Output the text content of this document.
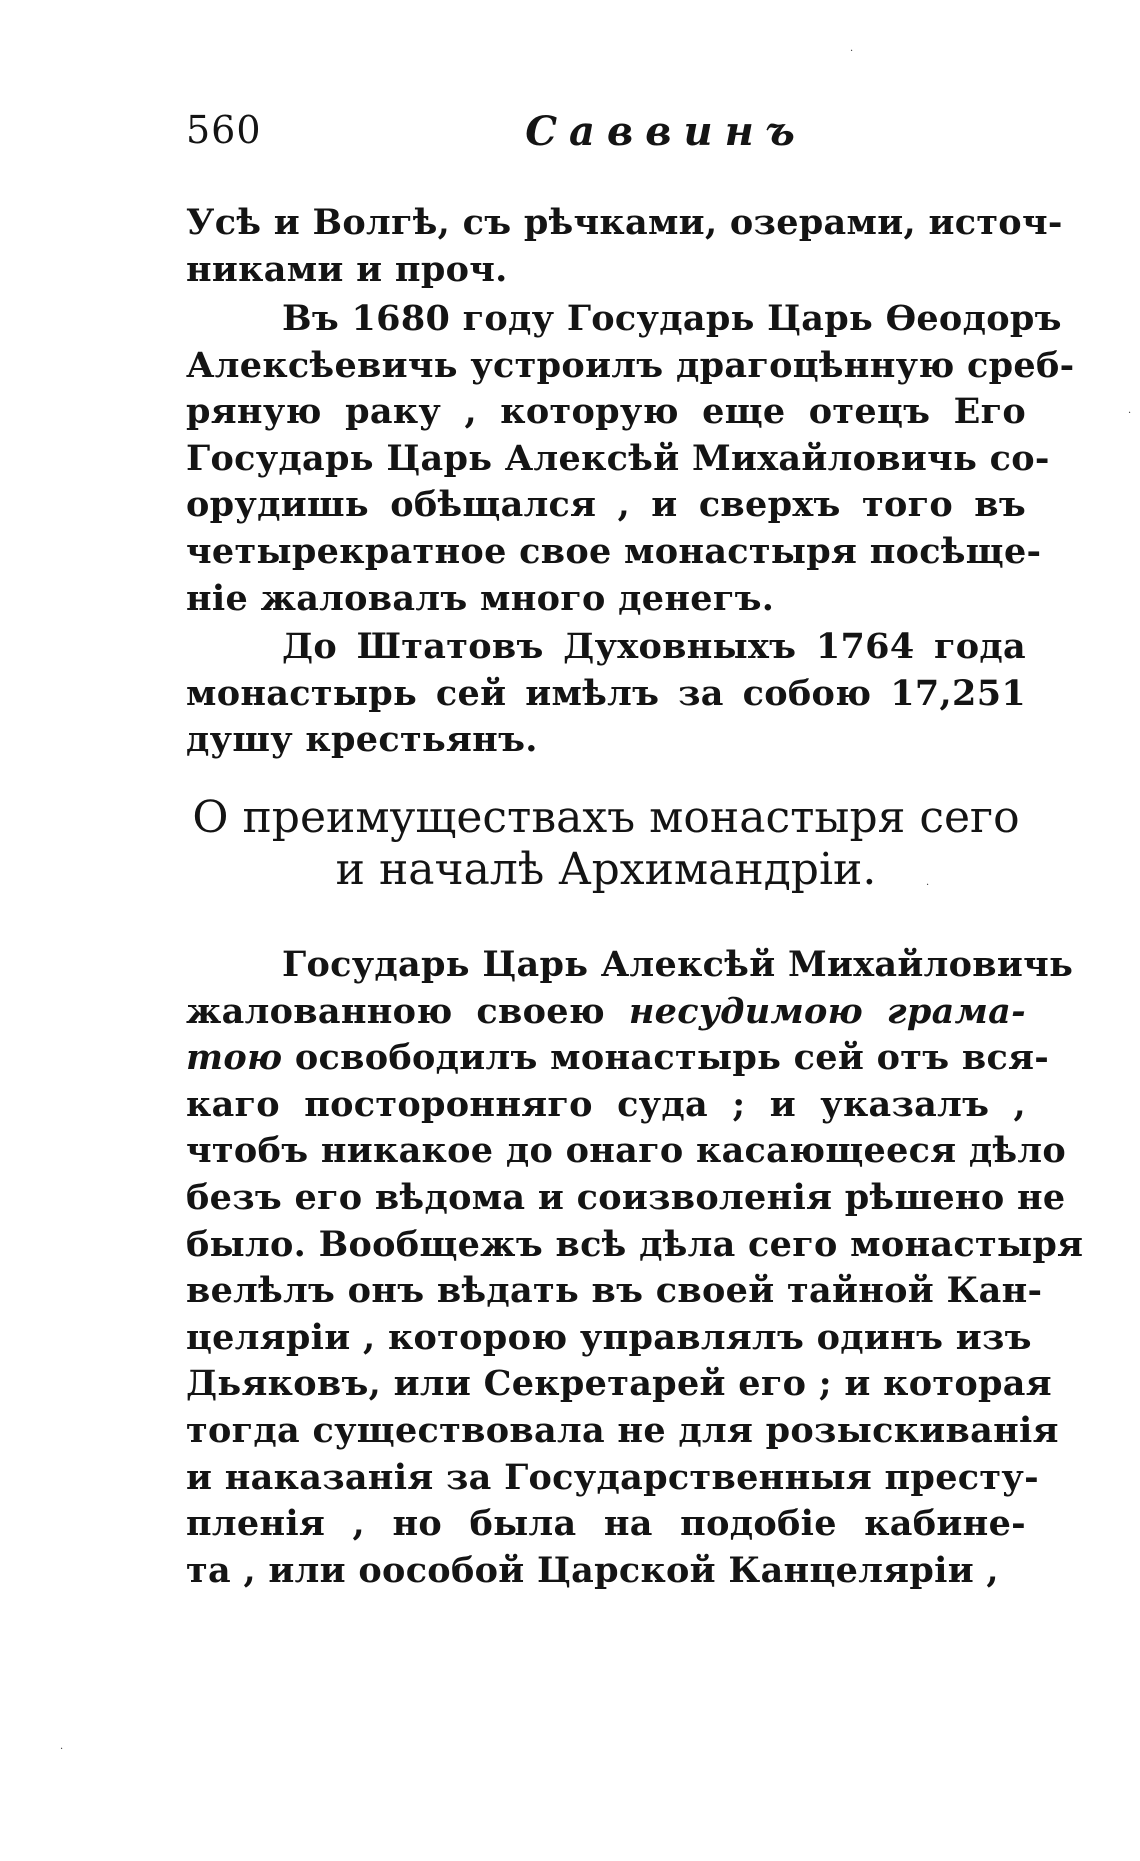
560	Саввинъ
Усѣ и Волгѣ, съ рѣчками, озерами, источ-
никами и проч.
Въ 1680 году Государь Царь Ѳеодоръ
Алексѣевичь устроилъ драгоцѣнную среб-
ряную раку , которую еще отецъ Его
Государь Царь Алексѣй Михайловичь со-
орудишь обѣщался , и сверхъ того въ
четырекратное свое монастыря посѣще-
ніе жаловалъ много денегъ.
До Штатовъ Духовныхъ 1764 года
монастырь сей имѣлъ за собою 17,251
душу крестьянъ.
О преимуществахъ монастыря сего
и началѣ Архимандріи.
Государь Царь Алексѣй Михайловичь
жалованною своею несудимою грама-
тою освободилъ монастырь сей отъ вся-
каго посторонняго суда ; и указалъ ,
чтобъ никакое до онаго касающееся дѣло
безъ его вѣдома и соизволенія рѣшено не
было. Вообщежъ всѣ дѣла сего монастыря
велѣлъ онъ вѣдать въ своей тайной Кан-
целяріи , которою управлялъ одинъ изъ
Дьяковъ, или Секретарей его ; и которая
тогда существовала не для розыскиванія
и наказанія за Государственныя престу-
пленія , но была на подобіе кабине-
та , или оособой Царской Канцеляріи ,
·
·
·
·
